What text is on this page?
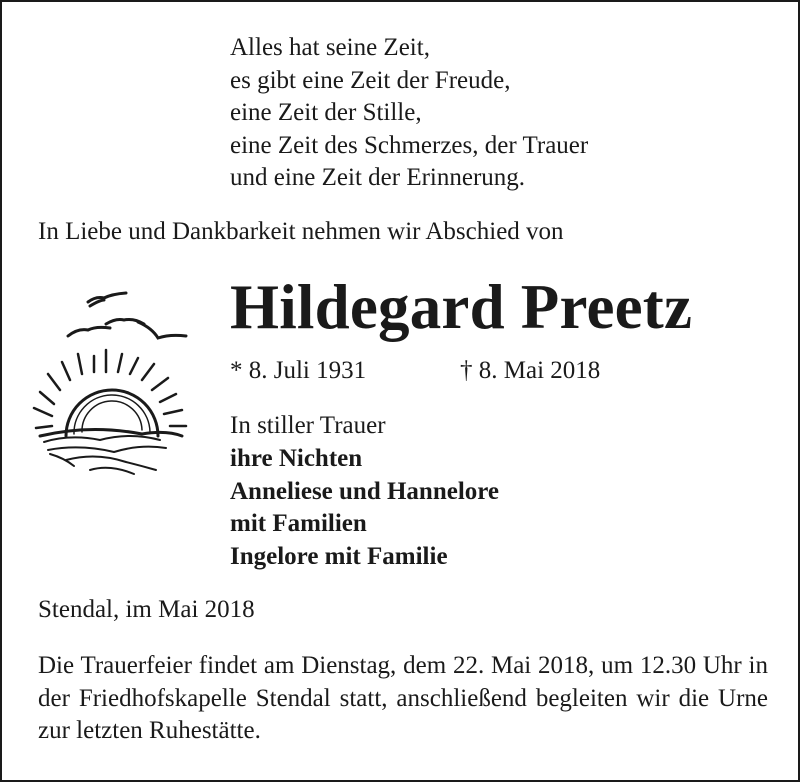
Alles hat seine Zeit,
es gibt eine Zeit der Freude,
eine Zeit der Stille,
eine Zeit des Schmerzes, der Trauer
und eine Zeit der Erinnerung.
In Liebe und Dankbarkeit nehmen wir Abschied von
Hildegard Preetz
* 8. Juli 1931	† 8. Mai 2018
In stiller Trauer
ihre Nichten
Anneliese und Hannelore
mit Familien
Ingelore mit Familie
Stendal, im Mai 2018
Die Trauerfeier findet am Dienstag, dem 22. Mai 2018, um 12.30 Uhr in der Friedhofskapelle Stendal statt, anschließend begleiten wir die Urne zur letzten Ruhestätte.
